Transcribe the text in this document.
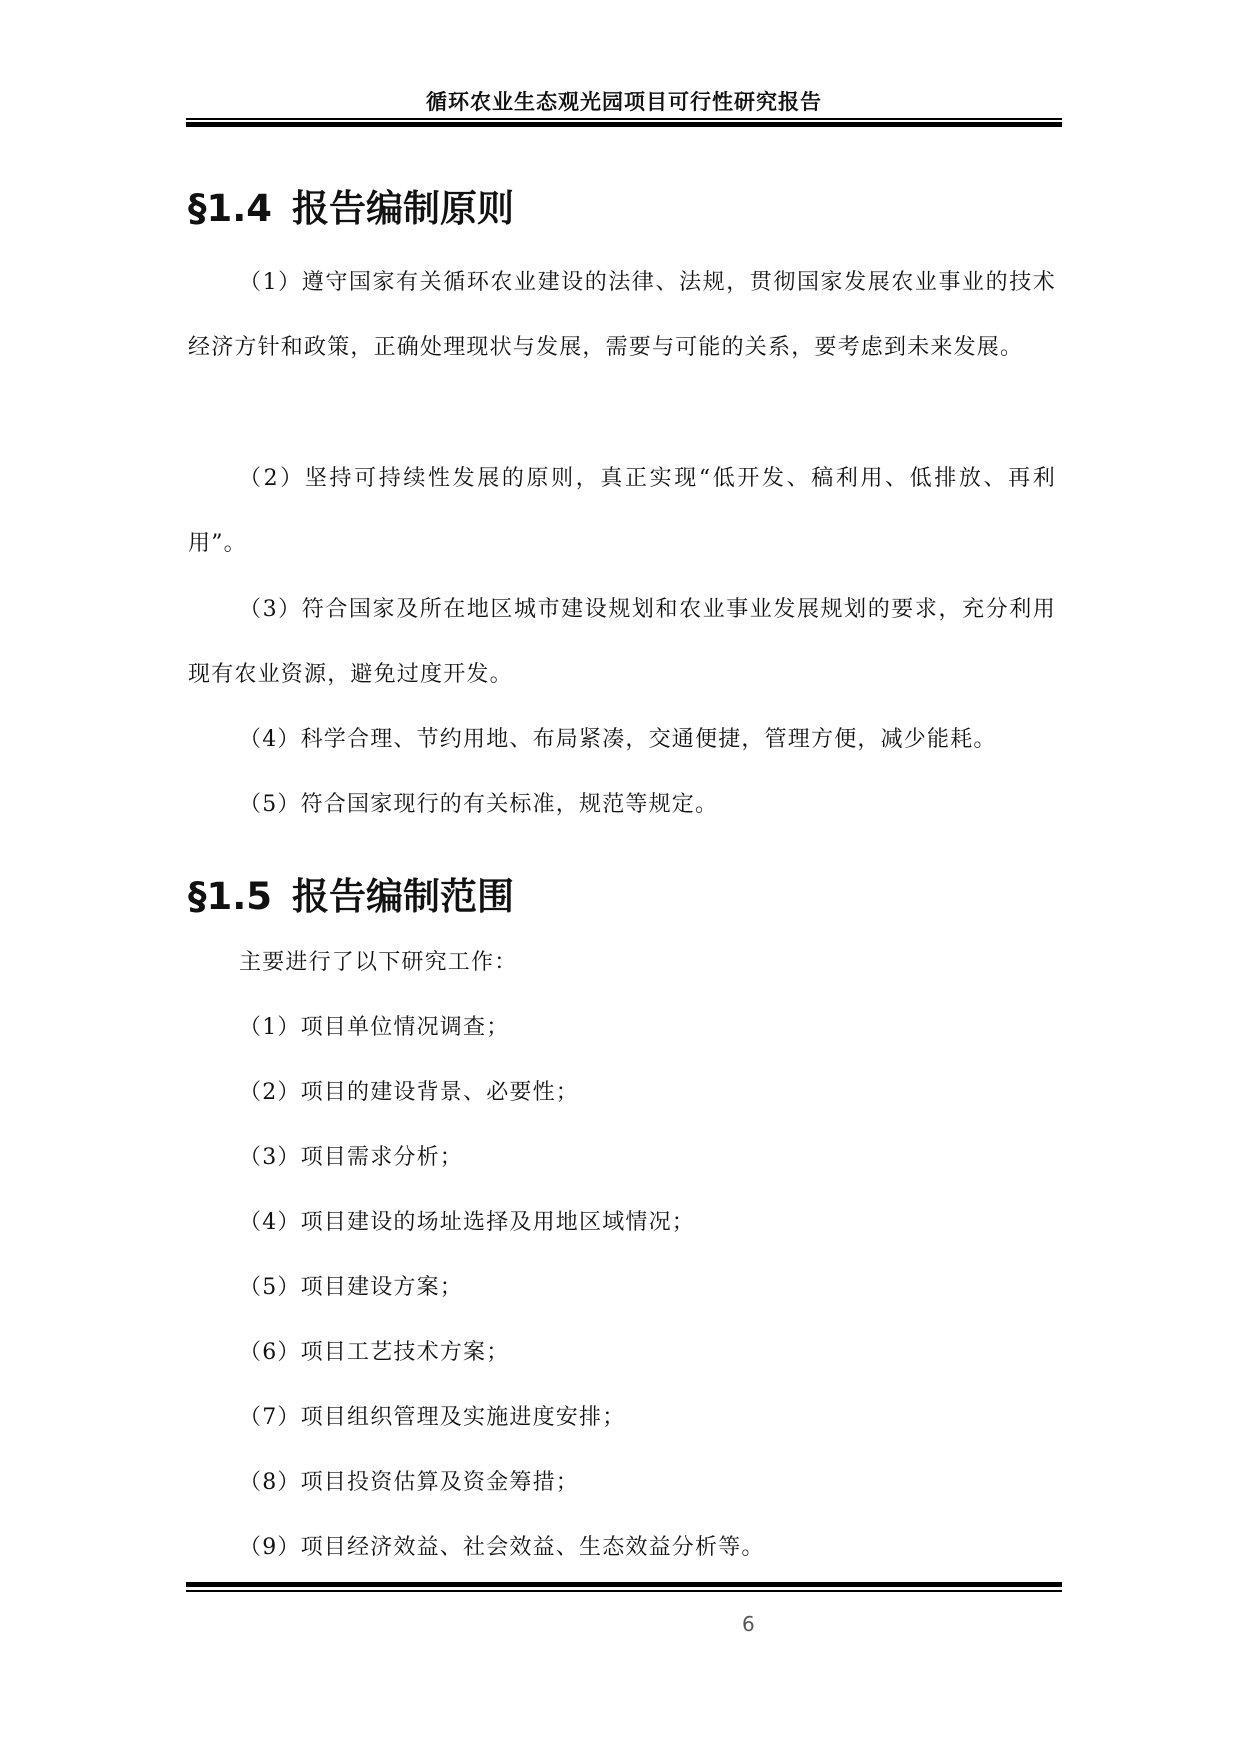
循环农业生态观光园项目可行性研究报告
§1.4 报告编制原则

（1）遵守国家有关循环农业建设的法律、法规，贯彻国家发展农业事业的技术经济方针和政策，正确处理现状与发展，需要与可能的关系，要考虑到未来发展。

（2）坚持可持续性发展的原则，真正实现“低开发、稿利用、低排放、再利用”。

（3）符合国家及所在地区城市建设规划和农业事业发展规划的要求，充分利用现有农业资源，避免过度开发。

（4）科学合理、节约用地、布局紧凑，交通便捷，管理方便，减少能耗。

（5）符合国家现行的有关标准，规范等规定。

§1.5 报告编制范围
主要进行了以下研究工作：
（1）项目单位情况调查；
（2）项目的建设背景、必要性；
（3）项目需求分析；
（4）项目建设的场址选择及用地区域情况；
（5）项目建设方案；
（6）项目工艺技术方案；
（7）项目组织管理及实施进度安排；
（8）项目投资估算及资金筹措；
（9）项目经济效益、社会效益、生态效益分析等。
6
